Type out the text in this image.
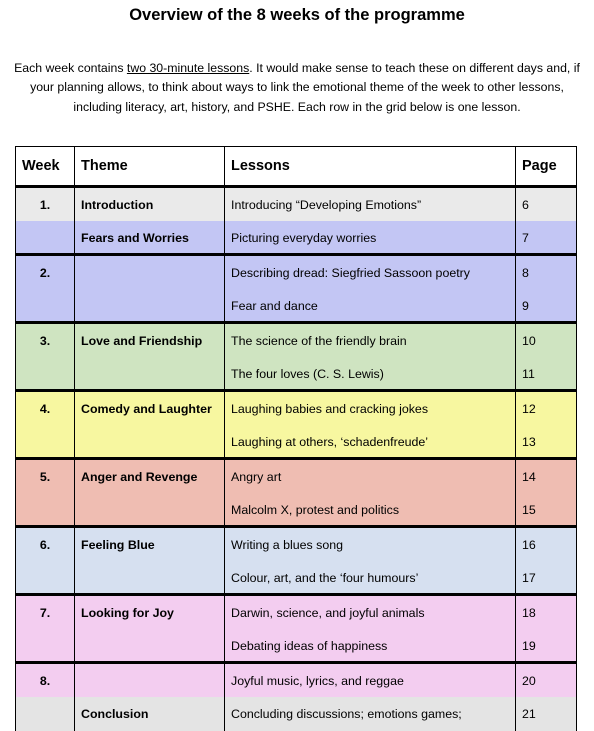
Overview of the 8 weeks of the programme
Each week contains two 30-minute lessons. It would make sense to teach these on different days and, if your planning allows, to think about ways to link the emotional theme of the week to other lessons, including literacy, art, history, and PSHE. Each row in the grid below is one lesson.
Week	Theme	Lessons	Page
1.	Introduction	Introducing “Developing Emotions”	6
	Fears and Worries	Picturing everyday worries	7
2.		Describing dread: Siegfried Sassoon poetry	8
		Fear and dance	9
3.	Love and Friendship	The science of the friendly brain	10
		The four loves (C. S. Lewis)	11
4.	Comedy and Laughter	Laughing babies and cracking jokes	12
		Laughing at others, ‘schadenfreude’	13
5.	Anger and Revenge	Angry art	14
		Malcolm X, protest and politics	15
6.	Feeling Blue	Writing a blues song	16
		Colour, art, and the ‘four humours’	17
7.	Looking for Joy	Darwin, science, and joyful animals	18
		Debating ideas of happiness	19
8.		Joyful music, lyrics, and reggae	20
	Conclusion	Concluding discussions; emotions games;	21
